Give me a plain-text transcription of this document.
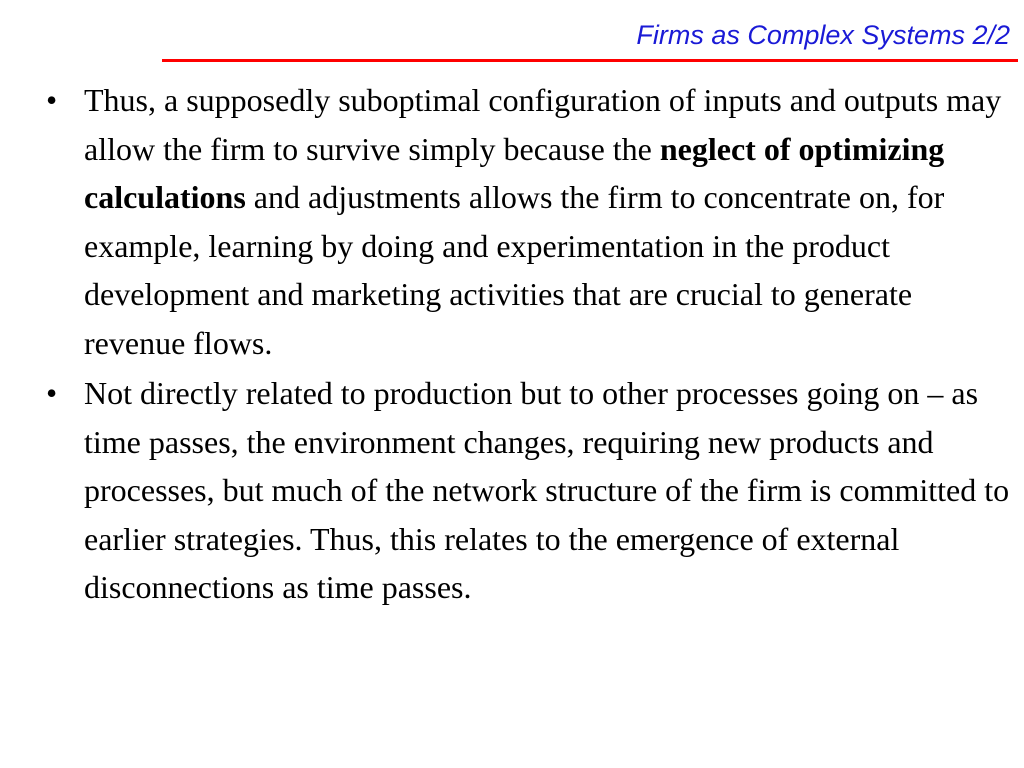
Firms as Complex Systems 2/2
• Thus, a supposedly suboptimal configuration of inputs and outputs may allow the firm to survive simply because the neglect of optimizing calculations and adjustments allows the firm to concentrate on, for example, learning by doing and experimentation in the product development and marketing activities that are crucial to generate revenue flows.
• Not directly related to production but to other processes going on – as time passes, the environment changes, requiring new products and processes, but much of the network structure of the firm is committed to earlier strategies. Thus, this relates to the emergence of external disconnections as time passes.
